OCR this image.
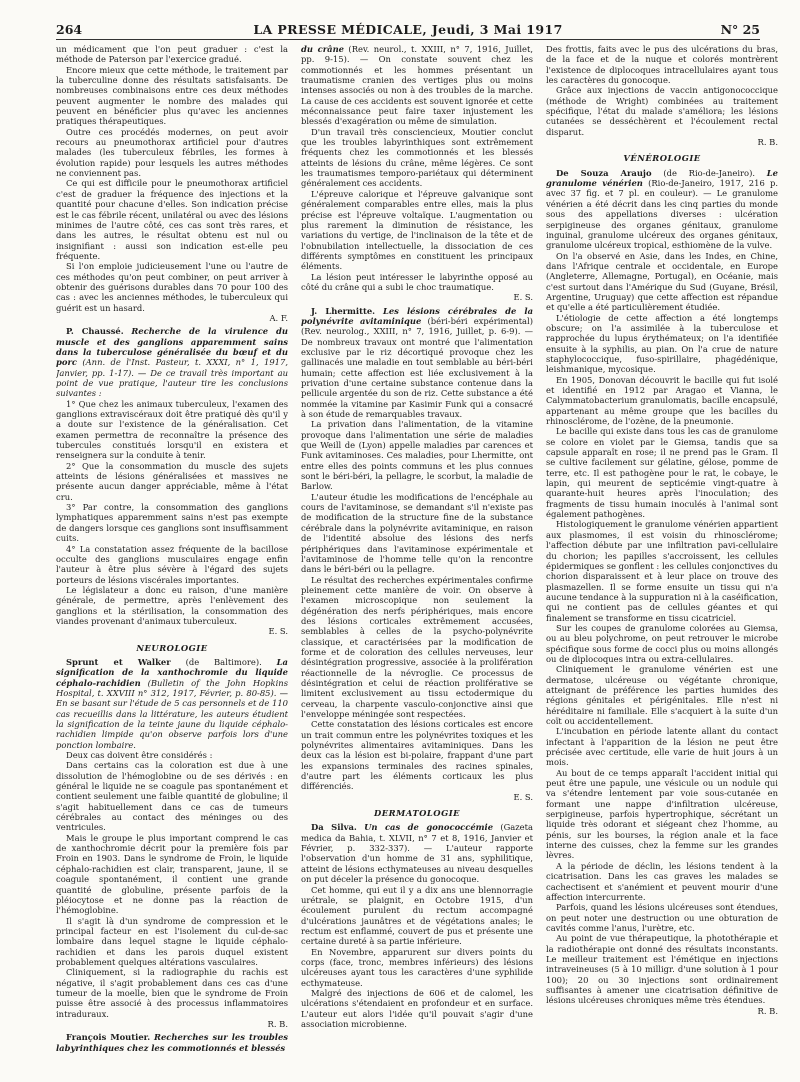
264	LA PRESSE MÉDICALE, Jeudi, 3 Mai 1917	N° 25

un médicament que l'on peut graduer : c'est la méthode de Paterson par l'exercice gradué.

Encore mieux que cette méthode, le traitement par la tuberculine donne des résultats satisfaisants. De nombreuses combinaisons entre ces deux méthodes peuvent augmenter le nombre des malades qui peuvent en bénéficier plus qu'avec les anciennes pratiques thérapeutiques.

Outre ces procédés modernes, on peut avoir recours au pneumothorax artificiel pour d'autres malades (les tuberculeux fébriles, les formes à évolution rapide) pour lesquels les autres méthodes ne conviennent pas.

Ce qui est difficile pour le pneumothorax artificiel c'est de graduer la fréquence des injections et la quantité pour chacune d'elles. Son indication précise est le cas fébrile récent, unilatéral ou avec des lésions minimes de l'autre côté, ces cas sont très rares, et dans les autres, le résultat obtenu est nul ou insignifiant : aussi son indication est-elle peu fréquente.

Si l'on emploie judicieusement l'une ou l'autre de ces méthodes qu'on peut combiner, on peut arriver à obtenir des guérisons durables dans 70 pour 100 des cas : avec les anciennes méthodes, le tuberculeux qui guérit est un hasard.

A. F.

P. Chaussé. Recherche de la virulence du muscle et des ganglions apparemment sains dans la tuberculose généralisée du bœuf et du porc (Ann. de l'Inst. Pasteur, t. XXXI, n° 1, 1917, Janvier, pp. 1-17). — De ce travail très important au point de vue pratique, l'auteur tire les conclusions suivantes :

1° Que chez les animaux tuberculeux, l'examen des ganglions extraviscéraux doit être pratiqué dès qu'il y a doute sur l'existence de la généralisation. Cet examen permettra de reconnaître la présence des tubercules constitués lorsqu'il en existera et renseignera sur la conduite à tenir.

2° Que la consommation du muscle des sujets atteints de lésions généralisées et massives ne présente aucun danger appréciable, même à l'état cru.

3° Par contre, la consommation des ganglions lymphatiques apparemment sains n'est pas exempte de dangers lorsque ces ganglions sont insuffisamment cuits.

4° La constatation assez fréquente de la bacillose occulte des ganglions musculaires engage enfin l'auteur à être plus sévère à l'égard des sujets porteurs de lésions viscérales importantes.

Le législateur a donc eu raison, d'une manière générale, de permettre, après l'enlèvement des ganglions et la stérilisation, la consommation des viandes provenant d'animaux tuberculeux.

E. S.
NEUROLOGIE

Sprunt et Walker (de Baltimore). La signification de la xanthochromie du liquide céphalo-rachidien (Bulletin of the John Hopkins Hospital, t. XXVIII n° 312, 1917, Février, p. 80-85). — En se basant sur l'étude de 5 cas personnels et de 110 cas recueillis dans la littérature, les auteurs étudient la signification de la teinte jaune du liquide céphalo-rachidien limpide qu'on observe parfois lors d'une ponction lombaire.

Deux cas doivent être considérés :

Dans certains cas la coloration est due à une dissolution de l'hémoglobine ou de ses dérivés : en général le liquide ne se coagule pas spontanément et contient seulement une faible quantité de globuline; il s'agit habituellement dans ce cas de tumeurs cérébrales au contact des méninges ou des ventricules.

Mais le groupe le plus important comprend le cas de xanthochromie décrit pour la première fois par Froin en 1903. Dans le syndrome de Froin, le liquide céphalo-rachidien est clair, transparent, jaune, il se coagule spontanément, il contient une grande quantité de globuline, présente parfois de la pléiocytose et ne donne pas la réaction de l'hémoglobine.

Il s'agit là d'un syndrome de compression et le principal facteur en est l'isolement du cul-de-sac lombaire dans lequel stagne le liquide céphalo-rachidien et dans les parois duquel existent probablement quelques altérations vasculaires.

Cliniquement, si la radiographie du rachis est négative, il s'agit probablement dans ces cas d'une tumeur de la moelle, bien que le syndrome de Froin puisse être associé à des processus inflammatoires intraduraux.

R. B.

François Moutier. Recherches sur les troubles labyrinthiques chez les commotionnés et blessés

du crâne (Rev. neurol., t. XXIII, n° 7, 1916, Juillet, pp. 9-15). — On constate souvent chez les commotionnés et les hommes présentant un traumatisme cranien des vertiges plus ou moins intenses associés ou non à des troubles de la marche. La cause de ces accidents est souvent ignorée et cette méconnaissance peut faire taxer injustement les blessés d'exagération ou même de simulation.

D'un travail très consciencieux, Moutier conclut que les troubles labyrinthiques sont extrêmement fréquents chez les commotionnés et les blessés atteints de lésions du crâne, même légères. Ce sont les traumatismes temporo-pariétaux qui déterminent généralement ces accidents.

L'épreuve calorique et l'épreuve galvanique sont généralement comparables entre elles, mais la plus précise est l'épreuve voltaïque. L'augmentation ou plus rarement la diminution de résistance, les variations du vertige, de l'inclinaison de la tête et de l'obnubilation intellectuelle, la dissociation de ces différents symptômes en constituent les principaux éléments.

La lésion peut intéresser le labyrinthe opposé au côté du crâne qui a subi le choc traumatique.

E. S.

J. Lhermitte. Les lésions cérébrales de la polynévrite avitaminique (béri-béri expérimental) (Rev. neurolog., XXIII, n° 7, 1916, Juillet, p. 6-9). — De nombreux travaux ont montré que l'alimentation exclusive par le riz décortiqué provoque chez les gallinacés une maladie en tout semblable au béri-béri humain; cette affection est liée exclusivement à la privation d'une certaine substance contenue dans la pellicule argentée du son de riz. Cette substance a été nommée la vitamine par Kasimir Funk qui a consacré à son étude de remarquables travaux.

La privation dans l'alimentation, de la vitamine provoque dans l'alimentation une série de maladies que Weill de (Lyon) appelle maladies par carences et Funk avitaminoses. Ces maladies, pour Lhermitte, ont entre elles des points communs et les plus connues sont le béri-béri, la pellagre, le scorbut, la maladie de Barlow.

L'auteur étudie les modifications de l'encéphale au cours de l'avitaminose, se demandant s'il n'existe pas de modification de la structure fine de la substance cérébrale dans la polynévrite avitaminique, en raison de l'identité absolue des lésions des nerfs périphériques dans l'avitaminose expérimentale et l'avitaminose de l'homme telle qu'on la rencontre dans le béri-béri ou la pellagre.

Le résultat des recherches expérimentales confirme pleinement cette manière de voir. On observe à l'examen microscopique non seulement la dégénération des nerfs périphériques, mais encore des lésions corticales extrêmement accusées, semblables à celles de la psycho-polynévrite classique, et caractérisées par la modification de forme et de coloration des cellules nerveuses, leur désintégration progressive, associée à la prolifération réactionnelle de la névroglie. Ce processus de désintégration et celui de réaction proliférative se limitent exclusivement au tissu ectodermique du cerveau, la charpente vasculo-conjonctive ainsi que l'enveloppe méningée sont respectées.

Cette constatation des lésions corticales est encore un trait commun entre les polynévrites toxiques et les polynévrites alimentaires avitaminiques. Dans les deux cas la lésion est bi-polaire, frappant d'une part les expansions terminales des racines spinales, d'autre part les éléments corticaux les plus différenciés.

E. S.
DERMATOLOGIE

Da Silva. Un cas de gonococcémie (Gazeta medica da Bahia, t. XLVII, n° 7 et 8, 1916, Janvier et Février, p. 332-337). — L'auteur rapporte l'observation d'un homme de 31 ans, syphilitique, atteint de lésions ecthymateuses au niveau desquelles on put déceler la présence du gonocoque.

Cet homme, qui eut il y a dix ans une blennorragie urétrale, se plaignit, en Octobre 1915, d'un écoulement purulent du rectum accompagné d'ulcérations jaunâtres et de végétations anales; le rectum est enflammé, couvert de pus et présente une certaine dureté à sa partie inférieure.

En Novembre, apparurent sur divers points du corps (face, tronc, membres inférieurs) des lésions ulcéreuses ayant tous les caractères d'une syphilide ecthymateuse.

Malgré des injections de 606 et de calomel, les ulcérations s'étendaient en profondeur et en surface. L'auteur eut alors l'idée qu'il pouvait s'agir d'une association microbienne.

Des frottis, faits avec le pus des ulcérations du bras, de la face et de la nuque et colorés montrèrent l'existence de diplocoques intracellulaires ayant tous les caractères du gonocoque.

Grâce aux injections de vaccin antigonococcique (méthode de Wright) combinées au traitement spécifique, l'état du malade s'améliora; les lésions cutanées se desséchèrent et l'écoulement rectal disparut.

R. B.
VÉNÉROLOGIE

De Souza Araujo (de Rio-de-Janeiro). Le granulome vénérien (Rio-de-Janeiro, 1917, 216 p. avec 37 fig. et 7 pl. en couleur). — Le granulome vénérien a été décrit dans les cinq parties du monde sous des appellations diverses : ulcération serpigineuse des organes génitaux, granulome inguinal, granulome ulcéreux des organes génitaux, granulome ulcéreux tropical, esthiomène de la vulve.

On l'a observé en Asie, dans les Indes, en Chine, dans l'Afrique centrale et occidentale, en Europe (Angleterre, Allemagne, Portugal), en Océanie, mais c'est surtout dans l'Amérique du Sud (Guyane, Brésil, Argentine, Uruguay) que cette affection est répandue et qu'elle a été particulièrement étudiée.

L'étiologie de cette affection a été longtemps obscure; on l'a assimilée à la tuberculose et rapprochée du lupus érythémateux; on l'a identifiée ensuite à la syphilis, au pian. On l'a crue de nature staphylococcique, fuso-spirillaire, phagédénique, leishmanique, mycosique.

En 1905, Donovan découvrit le bacille qui fut isolé et identifié en 1912 par Aragao et Vianna, le Calymmatobacterium granulomatis, bacille encapsulé, appartenant au même groupe que les bacilles du rhinosclérome, de l'ozène, de la pneumonie.

Le bacille qui existe dans tous les cas de granulome se colore en violet par le Giemsa, tandis que sa capsule apparaît en rose; il ne prend pas le Gram. Il se cultive facilement sur gélatine, gélose, pomme de terre, etc. Il est pathogène pour le rat, le cobaye, le lapin, qui meurent de septicémie vingt-quatre à quarante-huit heures après l'inoculation; des fragments de tissu humain inoculés à l'animal sont également pathogènes.

Histologiquement le granulome vénérien appartient aux plasmomes, il est voisin du rhinosclérome; l'affection débute par une infiltration pavi-cellulaire du chorion; les papilles s'accroissent, les cellules épidermiques se gonflent : les cellules conjonctives du chorion disparaissent et à leur place on trouve des plasmazellen. Il se forme ensuite un tissu qui n'a aucune tendance à la suppuration ni à la caséification, qui ne contient pas de cellules géantes et qui finalement se transforme en tissu cicatriciel.

Sur les coupes de granulome colorées au Giemsa, ou au bleu polychrome, on peut retrouver le microbe spécifique sous forme de cocci plus ou moins allongés ou de diplocoques intra ou extra-cellulaires.

Cliniquement le granulome vénérien est une dermatose, ulcéreuse ou végétante chronique, atteignant de préférence les parties humides des régions génitales et périgénitales. Elle n'est ni héréditaire ni familiale. Elle s'acquiert à la suite d'un coït ou accidentellement.

L'incubation en période latente allant du contact infectant à l'apparition de la lésion ne peut être précisée avec certitude, elle varie de huit jours à un mois.

Au bout de ce temps apparaît l'accident initial qui peut être une papule, une vésicule ou un nodule qui va s'étendre lentement par voie sous-cutanée en formant une nappe d'infiltration ulcéreuse, serpigineuse, parfois hypertrophique, sécrétant un liquide très odorant et siégeant chez l'homme, au pénis, sur les bourses, la région anale et la face interne des cuisses, chez la femme sur les grandes lèvres.

A la période de déclin, les lésions tendent à la cicatrisation. Dans les cas graves les malades se cachectisent et s'anémient et peuvent mourir d'une affection intercurrente.

Parfois, quand les lésions ulcéreuses sont étendues, on peut noter une destruction ou une obturation de cavités comme l'anus, l'urètre, etc.

Au point de vue thérapeutique, la photothérapie et la radiothérapie ont donné des résultats inconstants. Le meilleur traitement est l'émétique en injections intraveineuses (5 à 10 milligr. d'une solution à 1 pour 100); 20 ou 30 injections sont ordinairement suffisantes à amener une cicatrisation définitive de lésions ulcéreuses chroniques même très étendues.

R. B.
